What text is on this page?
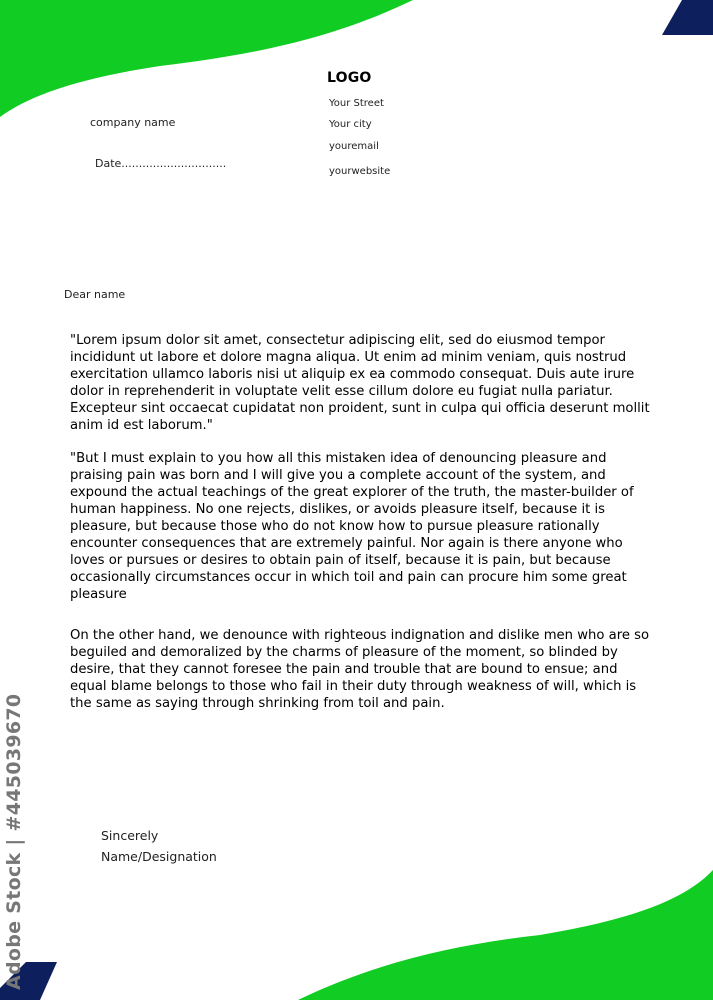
LOGO
Your Street
Your city
youremail
yourwebsite
company name
Date..............................
Dear name

"Lorem ipsum dolor sit amet, consectetur adipiscing elit, sed do eiusmod tempor incididunt ut labore et dolore magna aliqua. Ut enim ad minim veniam, quis nostrud exercitation ullamco laboris nisi ut aliquip ex ea commodo consequat. Duis aute irure dolor in reprehenderit in voluptate velit esse cillum dolore eu fugiat nulla pariatur. Excepteur sint occaecat cupidatat non proident, sunt in culpa qui officia deserunt mollit anim id est laborum."

"But I must explain to you how all this mistaken idea of denouncing pleasure and praising pain was born and I will give you a complete account of the system, and expound the actual teachings of the great explorer of the truth, the master-builder of human happiness. No one rejects, dislikes, or avoids pleasure itself, because it is pleasure, but because those who do not know how to pursue pleasure rationally encounter consequences that are extremely painful. Nor again is there anyone who loves or pursues or desires to obtain pain of itself, because it is pain, but because occasionally circumstances occur in which toil and pain can procure him some great pleasure

On the other hand, we denounce with righteous indignation and dislike men who are so beguiled and demoralized by the charms of pleasure of the moment, so blinded by desire, that they cannot foresee the pain and trouble that are bound to ensue; and equal blame belongs to those who fail in their duty through weakness of will, which is the same as saying through shrinking from toil and pain.

Sincerely
Name/Designation
Adobe Stock | #445039670
